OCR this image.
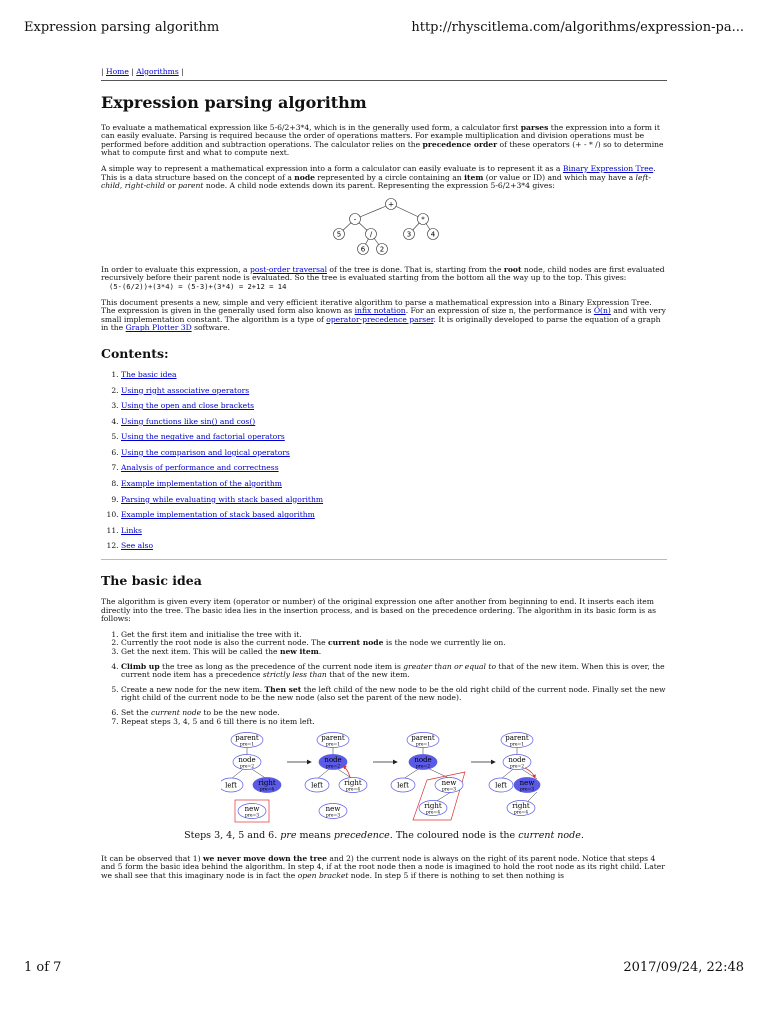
Expression parsing algorithm	http://rhyscitlema.com/algorithms/expression-pa...

| Home | Algorithms |

Expression parsing algorithm

To evaluate a mathematical expression like 5-6/2+3*4, which is in the generally used form, a calculator first parses the expression into a form it can easily evaluate. Parsing is required because the order of operations matters. For example multiplication and division operations must be performed before addition and subtraction operations. The calculator relies on the precedence order of these operators (+ - * /) so to determine what to compute first and what to compute next.

A simple way to represent a mathematical expression into a form a calculator can easily evaluate is to represent it as a Binary Expression Tree. This is a data structure based on the concept of a node represented by a circle containing an item (or value or ID) and which may have a left-child, right-child or parent node. A child node extends down its parent. Representing the expression 5-6/2+3*4 gives:

+
-	*
5	/	3	4
6 2

In order to evaluate this expression, a post-order traversal of the tree is done. That is, starting from the root node, child nodes are first evaluated recursively before their parent node is evaluated. So the tree is evaluated starting from the bottom all the way up to the top. This gives:

(5-(6/2))+(3*4) = (5-3)+(3*4) = 2+12 = 14

This document presents a new, simple and very efficient iterative algorithm to parse a mathematical expression into a Binary Expression Tree. The expression is given in the generally used form also known as infix notation. For an expression of size n, the performance is O(n) and with very small implementation constant. The algorithm is a type of operator-precedence parser. It is originally developed to parse the equation of a graph in the Graph Plotter 3D software.

Contents:
1. The basic idea
2. Using right associative operators
3. Using the open and close brackets
4. Using functions like sin() and cos()
5. Using the negative and factorial operators
6. Using the comparison and logical operators
7. Analysis of performance and correctness
8. Example implementation of the algorithm
9. Parsing while evaluating with stack based algorithm
10. Example implementation of stack based algorithm
11. Links
12. See also
The basic idea

The algorithm is given every item (operator or number) of the original expression one after another from beginning to end. It inserts each item directly into the tree. The basic idea lies in the insertion process, and is based on the precedence ordering. The algorithm in its basic form is as follows:

1. Get the first item and initialise the tree with it.
2. Currently the root node is also the current node. The current node is the node we currently lie on.
3. Get the next item. This will be called the new item.
4. Climb up the tree as long as the precedence of the current node item is greater than or equal to that of the new item. When this is over, the current node item has a precedence strictly less than that of the new item.
5. Create a new node for the new item. Then set the left child of the new node to be the old right child of the current node. Finally set the new right child of the current node to be the new node (also set the parent of the new node).
6. Set the current node to be the new node.
7. Repeat steps 3, 4, 5 and 6 till there is no item left.
parent
pre=1
node
pre=2
left	right
pre=4
new
pre=3
parent
pre=1
node
pre=2
left	right
pre=4
new
pre=3
parent
pre=1
node
pre=2
left	new
pre=3
right
pre=4
parent
pre=1
node
pre=2
left new
pre=3
right
pre=4

Steps 3, 4, 5 and 6. pre means precedence. The coloured node is the current node.

It can be observed that 1) we never move down the tree and 2) the current node is always on the right of its parent node. Notice that steps 4 and 5 form the basic idea behind the algorithm. In step 4, if at the root node then a node is imagined to hold the root node as its right child. Later we shall see that this imaginary node is in fact the open bracket node. In step 5 if there is nothing to set then nothing is

1 of 7	2017/09/24, 22:48
